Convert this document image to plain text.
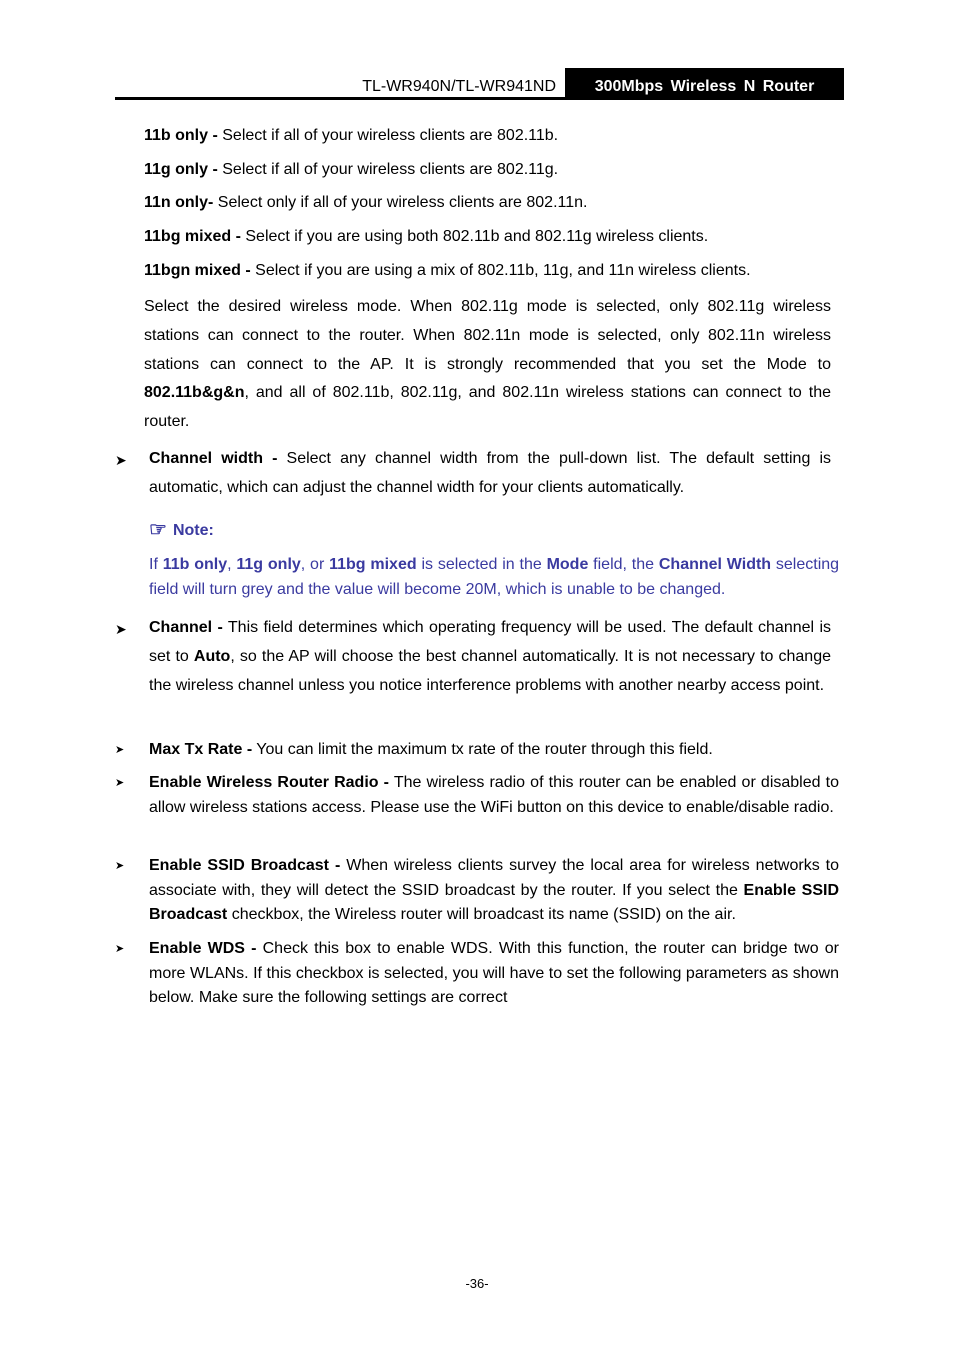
TL-WR940N/TL-WR941ND	300Mbps Wireless N Router
11b only - Select if all of your wireless clients are 802.11b.
11g only - Select if all of your wireless clients are 802.11g.
11n only- Select only if all of your wireless clients are 802.11n.
11bg mixed - Select if you are using both 802.11b and 802.11g wireless clients.
11bgn mixed - Select if you are using a mix of 802.11b, 11g, and 11n wireless clients.
Select the desired wireless mode. When 802.11g mode is selected, only 802.11g wireless stations can connect to the router. When 802.11n mode is selected, only 802.11n wireless stations can connect to the AP. It is strongly recommended that you set the Mode to 802.11b&g&n, and all of 802.11b, 802.11g, and 802.11n wireless stations can connect to the router.
➤ Channel width - Select any channel width from the pull-down list. The default setting is automatic, which can adjust the channel width for your clients automatically.
☞ Note:
If 11b only, 11g only, or 11bg mixed is selected in the Mode field, the Channel Width selecting field will turn grey and the value will become 20M, which is unable to be changed.
➤ Channel - This field determines which operating frequency will be used. The default channel is set to Auto, so the AP will choose the best channel automatically. It is not necessary to change the wireless channel unless you notice interference problems with another nearby access point.
➤ Max Tx Rate - You can limit the maximum tx rate of the router through this field.
➤ Enable Wireless Router Radio - The wireless radio of this router can be enabled or disabled to allow wireless stations access. Please use the WiFi button on this device to enable/disable radio.
➤ Enable SSID Broadcast - When wireless clients survey the local area for wireless networks to associate with, they will detect the SSID broadcast by the router. If you select the Enable SSID Broadcast checkbox, the Wireless router will broadcast its name (SSID) on the air.
➤ Enable WDS - Check this box to enable WDS. With this function, the router can bridge two or more WLANs. If this checkbox is selected, you will have to set the following parameters as shown below. Make sure the following settings are correct
-36-
